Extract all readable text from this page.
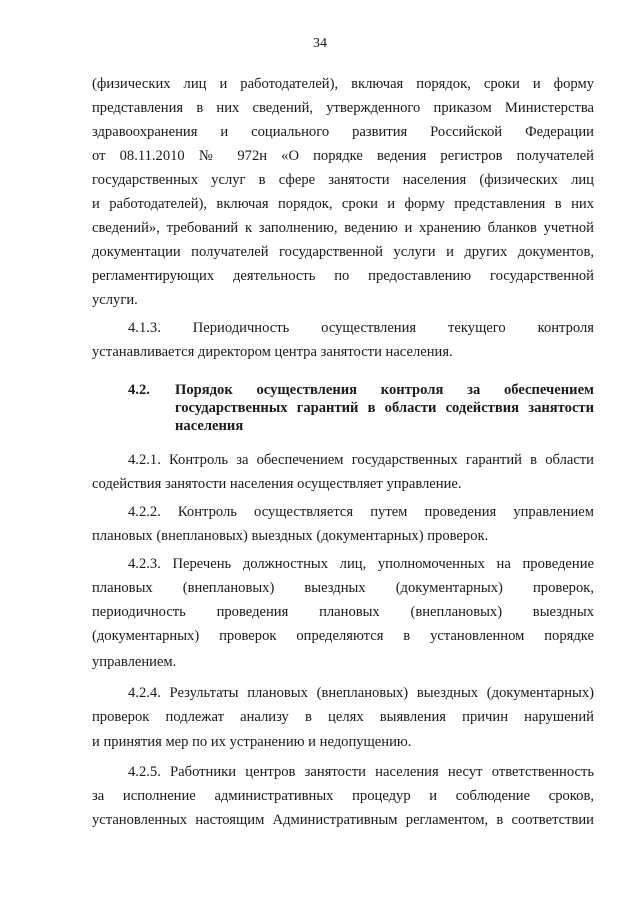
34
(физических лиц и работодателей), включая порядок, сроки и форму
представления в них сведений, утвержденного приказом Министерства
здравоохранения и социального развития Российской Федерации
от 08.11.2010 № 972н «О порядке ведения регистров получателей
государственных услуг в сфере занятости населения (физических лиц
и работодателей), включая порядок, сроки и форму представления в них
сведений», требований к заполнению, ведению и хранению бланков учетной
документации получателей государственной услуги и других документов,
регламентирующих деятельность по предоставлению государственной
услуги.
4.1.3. Периодичность осуществления текущего контроля
устанавливается директором центра занятости населения.
4.2. Порядок осуществления контроля за обеспечением
государственных гарантий в области содействия занятости
населения
4.2.1. Контроль за обеспечением государственных гарантий в области
содействия занятости населения осуществляет управление.
4.2.2. Контроль осуществляется путем проведения управлением
плановых (внеплановых) выездных (документарных) проверок.
4.2.3. Перечень должностных лиц, уполномоченных на проведение
плановых (внеплановых) выездных (документарных) проверок,
периодичность проведения плановых (внеплановых) выездных
(документарных) проверок определяются в установленном порядке
управлением.
4.2.4. Результаты плановых (внеплановых) выездных (документарных)
проверок подлежат анализу в целях выявления причин нарушений
и принятия мер по их устранению и недопущению.
4.2.5. Работники центров занятости населения несут ответственность
за исполнение административных процедур и соблюдение сроков,
установленных настоящим Административным регламентом, в соответствии
